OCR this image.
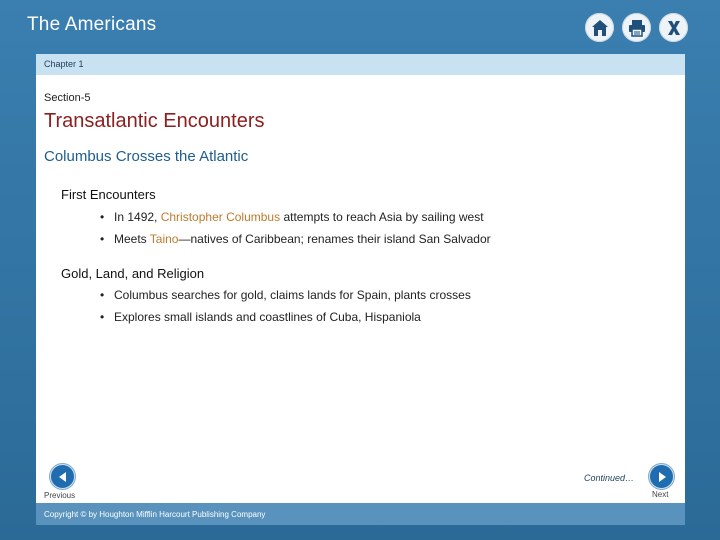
The Americans
Chapter 1
Section-5
Transatlantic Encounters
Columbus Crosses the Atlantic
First Encounters
• In 1492, Christopher Columbus attempts to reach Asia by sailing west
• Meets Taino—natives of Caribbean; renames their island San Salvador
Gold, Land, and Religion
• Columbus searches for gold, claims lands for Spain, plants crosses
• Explores small islands and coastlines of Cuba, Hispaniola
Previous
Continued…
Next
Copyright © by Houghton Mifflin Harcourt Publishing Company
